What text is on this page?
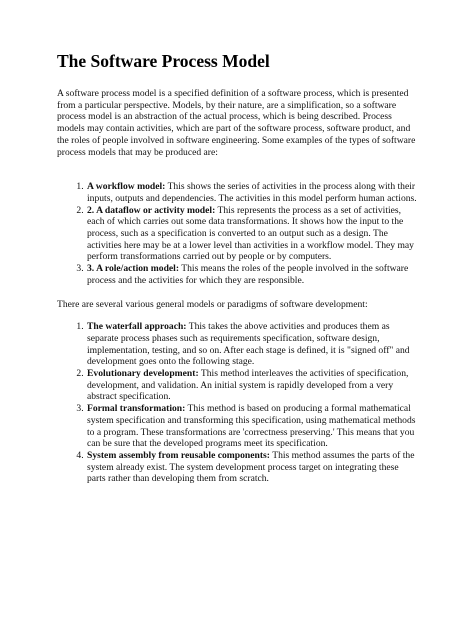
The Software Process Model

A software process model is a specified definition of a software process, which is presented from a particular perspective. Models, by their nature, are a simplification, so a software process model is an abstraction of the actual process, which is being described. Process models may contain activities, which are part of the software process, software product, and the roles of people involved in software engineering. Some examples of the types of software process models that may be produced are:

1. A workflow model: This shows the series of activities in the process along with their inputs, outputs and dependencies. The activities in this model perform human actions.
2. 2. A dataflow or activity model: This represents the process as a set of activities, each of which carries out some data transformations. It shows how the input to the process, such as a specification is converted to an output such as a design. The activities here may be at a lower level than activities in a workflow model. They may perform transformations carried out by people or by computers.
3. 3. A role/action model: This means the roles of the people involved in the software process and the activities for which they are responsible.

There are several various general models or paradigms of software development:

1. The waterfall approach: This takes the above activities and produces them as separate process phases such as requirements specification, software design, implementation, testing, and so on. After each stage is defined, it is "signed off" and development goes onto the following stage.
2. Evolutionary development: This method interleaves the activities of specification, development, and validation. An initial system is rapidly developed from a very abstract specification.
3. Formal transformation: This method is based on producing a formal mathematical system specification and transforming this specification, using mathematical methods to a program. These transformations are 'correctness preserving.' This means that you can be sure that the developed programs meet its specification.
4. System assembly from reusable components: This method assumes the parts of the system already exist. The system development process target on integrating these parts rather than developing them from scratch.
